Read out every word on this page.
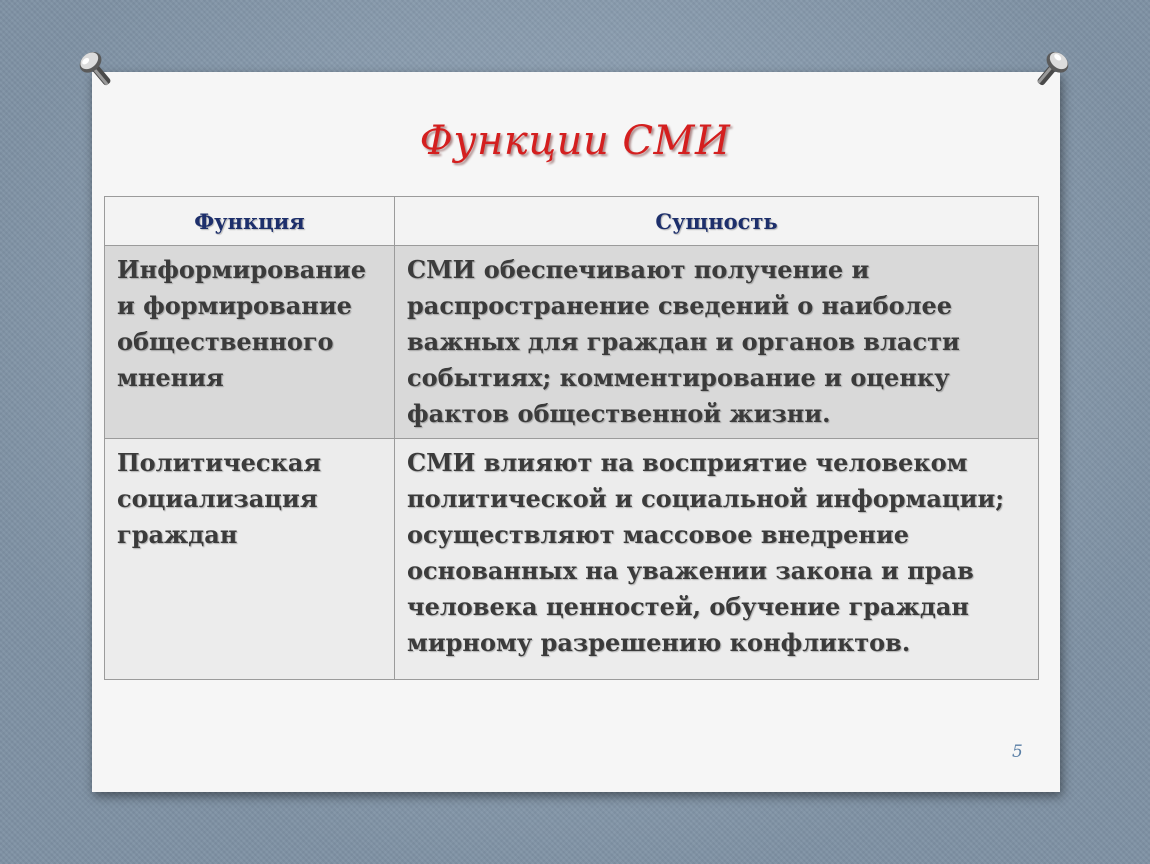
Функции СМИ
Функция	Сущность
Информирование и формирование общественного мнения	СМИ обеспечивают получение и распространение сведений о наиболее важных для граждан и органов власти событиях; комментирование и оценку фактов общественной жизни.
Политическая социализация граждан	СМИ влияют на восприятие человеком политической и социальной информации; осуществляют массовое внедрение основанных на уважении закона и прав человека ценностей, обучение граждан мирному разрешению конфликтов.
5
